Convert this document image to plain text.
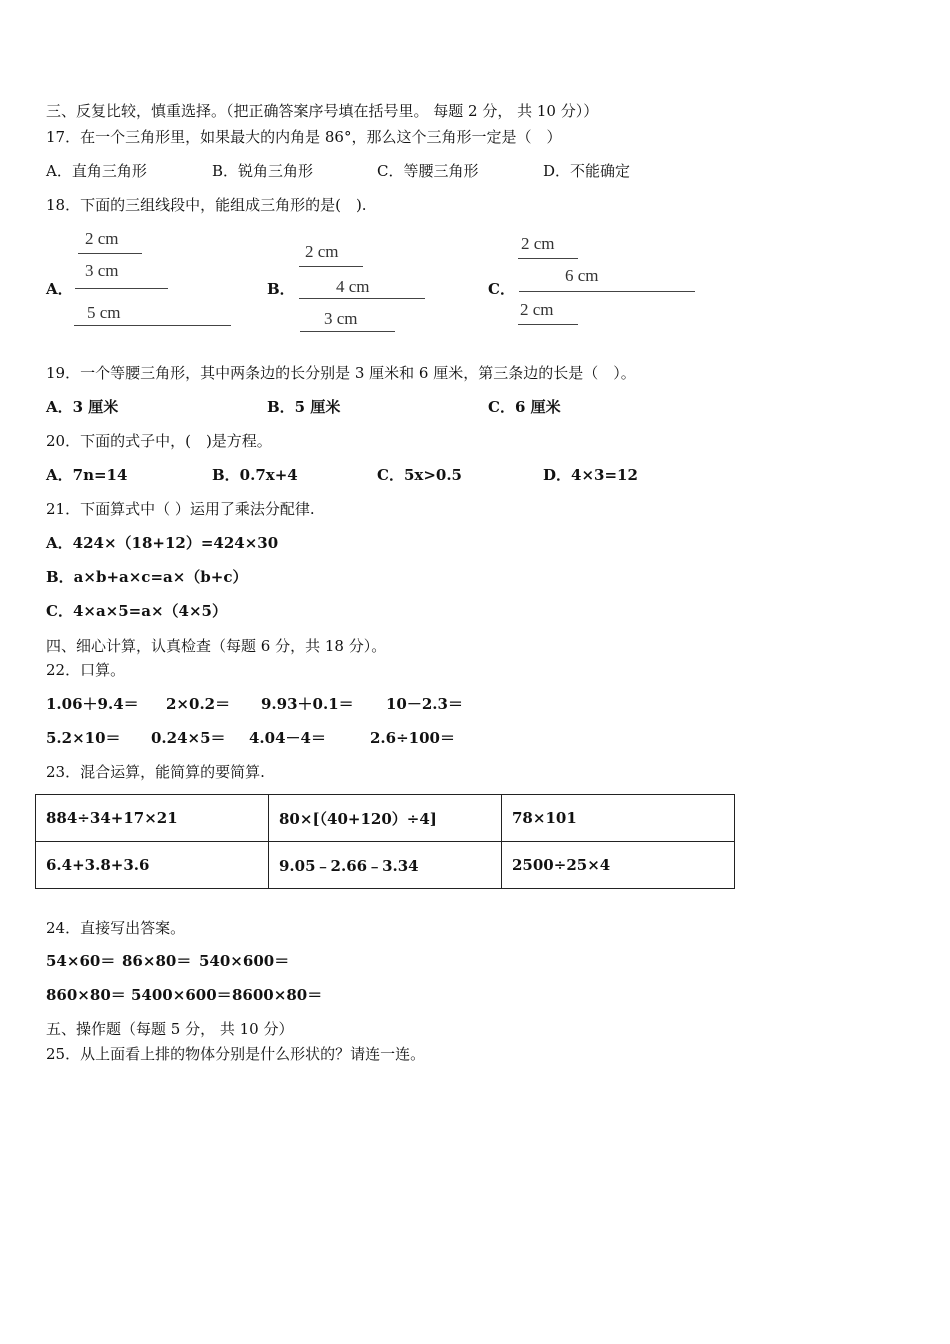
三、反复比较，慎重选择。（把正确答案序号填在括号里。 每题 2 分， 共 10 分））
17．在一个三角形里，如果最大的内角是 86°，那么这个三角形一定是（　）
A．直角三角形	B．锐角三角形	C．等腰三角形	D．不能确定
18．下面的三组线段中，能组成三角形的是(　).
A．
2 cm
3 cm
5 cm
B．
2 cm
4 cm
3 cm
C．
2 cm
6 cm
2 cm
19．一个等腰三角形，其中两条边的长分别是 3 厘米和 6 厘米，第三条边的长是（　）。
A．3 厘米	B．5 厘米	C．6 厘米
20．下面的式子中，(　)是方程。
A．7n=14	B．0.7x+4	C．5x>0.5	D．4×3=12
21．下面算式中（ ）运用了乘法分配律.
A．424×（18+12）=424×30
B．a×b+a×c=a×（b+c）
C．4×a×5=a×（4×5）
四、细心计算，认真检查（每题 6 分，共 18 分）。
22．口算。
1.06＋9.4＝ 2×0.2＝ 9.93＋0.1＝ 10－2.3＝
5.2×10＝ 0.24×5＝ 4.04－4＝	2.6÷100＝
23．混合运算，能简算的要简算.
884÷34+17×21	80×[（40+120）÷4]	78×101
6.4+3.8+3.6	9.05﹣2.66﹣3.34	2500÷25×4
24．直接写出答案。
54×60＝ 86×80＝ 540×600＝
860×80＝ 5400×600＝ 8600×80＝
五、操作题（每题 5 分， 共 10 分）
25．从上面看上排的物体分别是什么形状的？请连一连。
